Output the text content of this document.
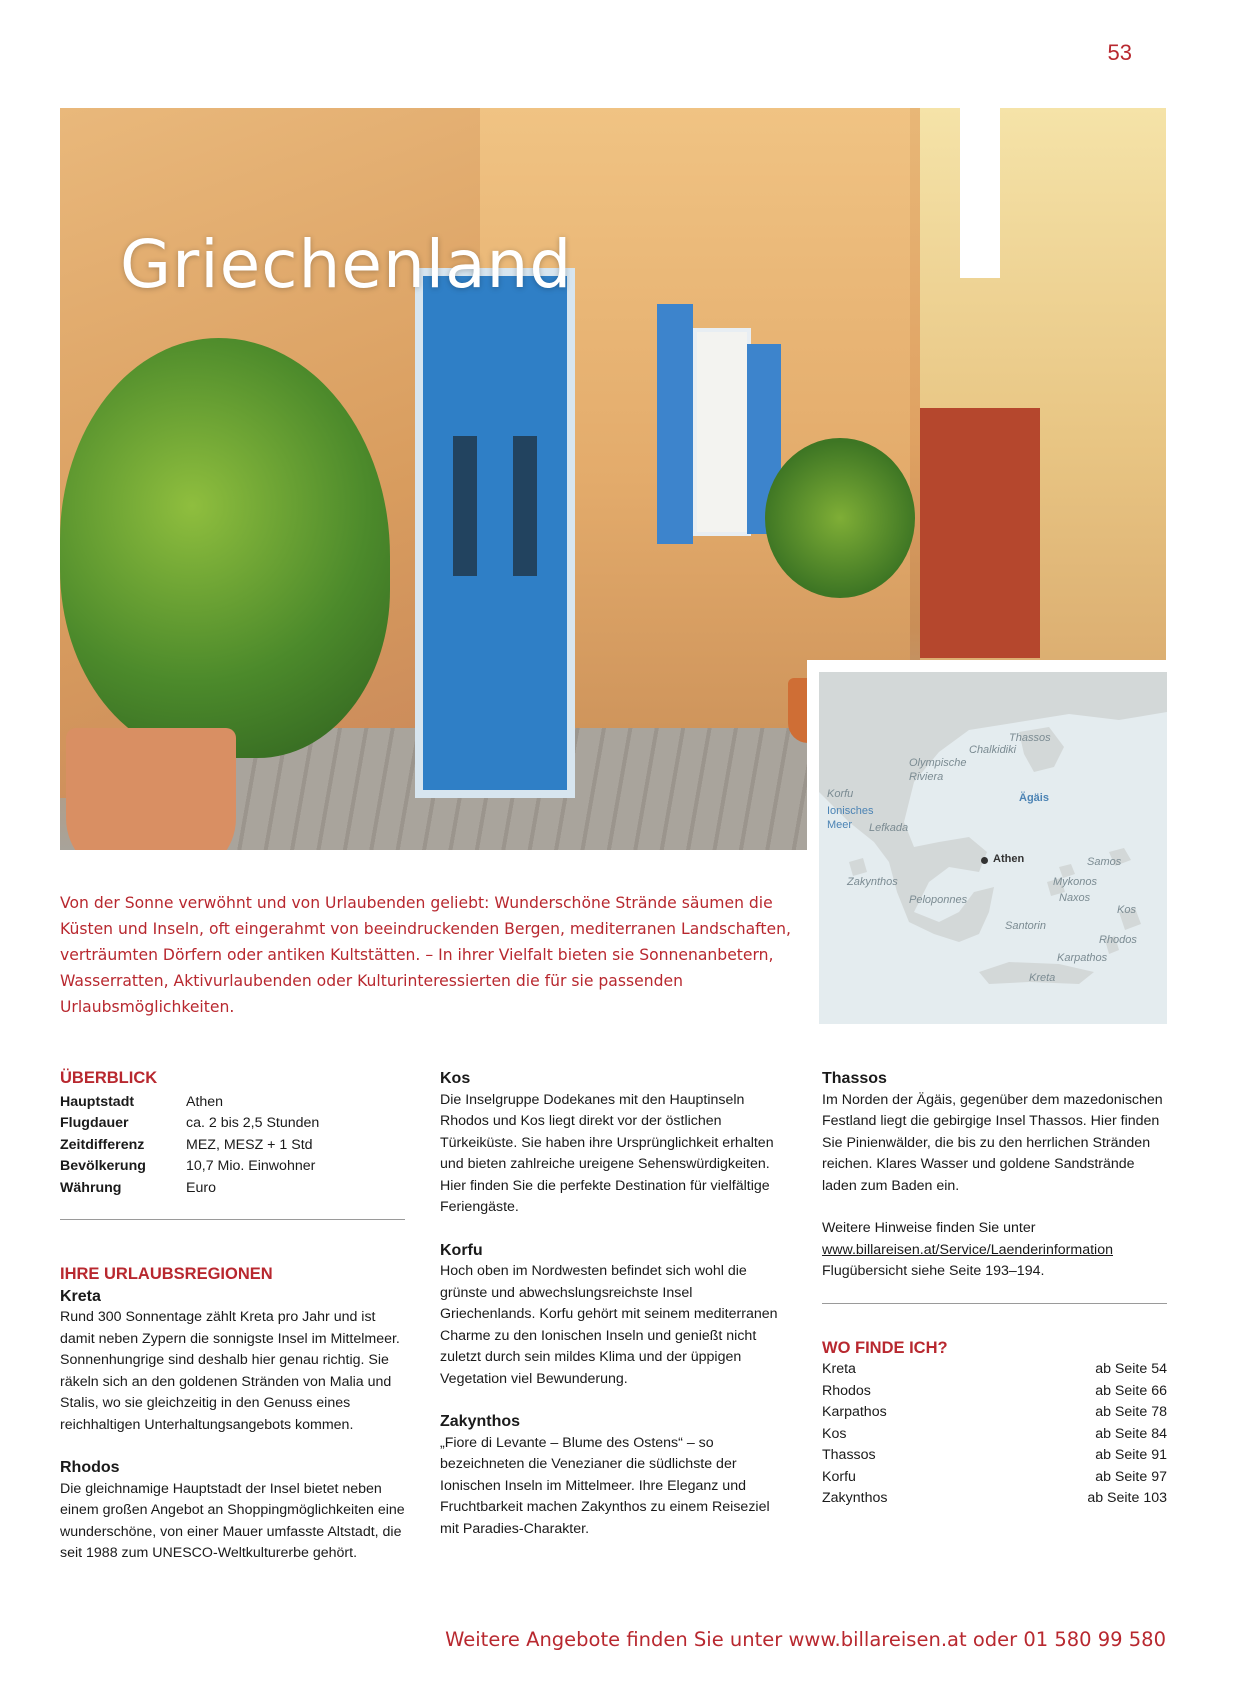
53
Griechenland
Thassos
Chalkidiki
Olympische Riviera
Korfu
Ionisches Meer	Lefkada
Ägäis
Athen	Samos
Zakynthos	Mykonos
Naxos
Peloponnes
Kos
Santorin
Rhodos
Karpathos
Kreta

Von der Sonne verwöhnt und von Urlaubenden geliebt: Wunderschöne Strände säumen die Küsten und Inseln, oft eingerahmt von beeindruckenden Bergen, mediterranen Landschaften, verträumten Dörfern oder antiken Kultstätten. – In ihrer Vielfalt bieten sie Sonnenanbetern, Wasserratten, Aktivurlaubenden oder Kulturinteressierten die für sie passenden Urlaubsmöglichkeiten.

ÜBERBLICK
Hauptstadt	Athen
Flugdauer	ca. 2 bis 2,5 Stunden
Zeitdifferenz	MEZ, MESZ + 1 Std
Bevölkerung	10,7 Mio. Einwohner
Währung	Euro
IHRE URLAUBSREGIONEN
Kreta

Rund 300 Sonnentage zählt Kreta pro Jahr und ist damit neben Zypern die sonnigste Insel im Mittelmeer. Sonnenhungrige sind deshalb hier genau richtig. Sie räkeln sich an den goldenen Stränden von Malia und Stalis, wo sie gleichzeitig in den Genuss eines reichhaltigen Unterhaltungsangebots kommen.

Rhodos

Die gleichnamige Hauptstadt der Insel bietet neben einem großen Angebot an Shoppingmöglichkeiten eine wunderschöne, von einer Mauer umfasste Altstadt, die seit 1988 zum UNESCO-Weltkulturerbe gehört.

Kos

Die Inselgruppe Dodekanes mit den Hauptinseln Rhodos und Kos liegt direkt vor der östlichen Türkeiküste. Sie haben ihre Ursprünglichkeit erhalten und bieten zahlreiche ureigene Sehenswürdigkeiten. Hier finden Sie die perfekte Destination für vielfältige Feriengäste.

Korfu

Hoch oben im Nordwesten befindet sich wohl die grünste und abwechslungsreichste Insel Griechenlands. Korfu gehört mit seinem mediterranen Charme zu den Ionischen Inseln und genießt nicht zuletzt durch sein mildes Klima und der üppigen Vegetation viel Bewunderung.

Zakynthos

„Fiore di Levante – Blume des Ostens“ – so bezeichneten die Venezianer die südlichste der Ionischen Inseln im Mittelmeer. Ihre Eleganz und Fruchtbarkeit machen Zakynthos zu einem Reiseziel mit Paradies-Charakter.

Thassos

Im Norden der Ägäis, gegenüber dem mazedonischen Festland liegt die gebirgige Insel Thassos. Hier finden Sie Pinienwälder, die bis zu den herrlichen Stränden reichen. Klares Wasser und goldene Sandstrände laden zum Baden ein.

Weitere Hinweise finden Sie unter

www.billareisen.at/Service/Laenderinformation

Flugübersicht siehe Seite 193–194.

WO FINDE ICH?
Kreta	ab Seite 54
Rhodos	ab Seite 66
Karpathos	ab Seite 78
Kos	ab Seite 84
Thassos	ab Seite 91
Korfu	ab Seite 97
Zakynthos	ab Seite 103
Weitere Angebote finden Sie unter www.billareisen.at oder 01 580 99 580
